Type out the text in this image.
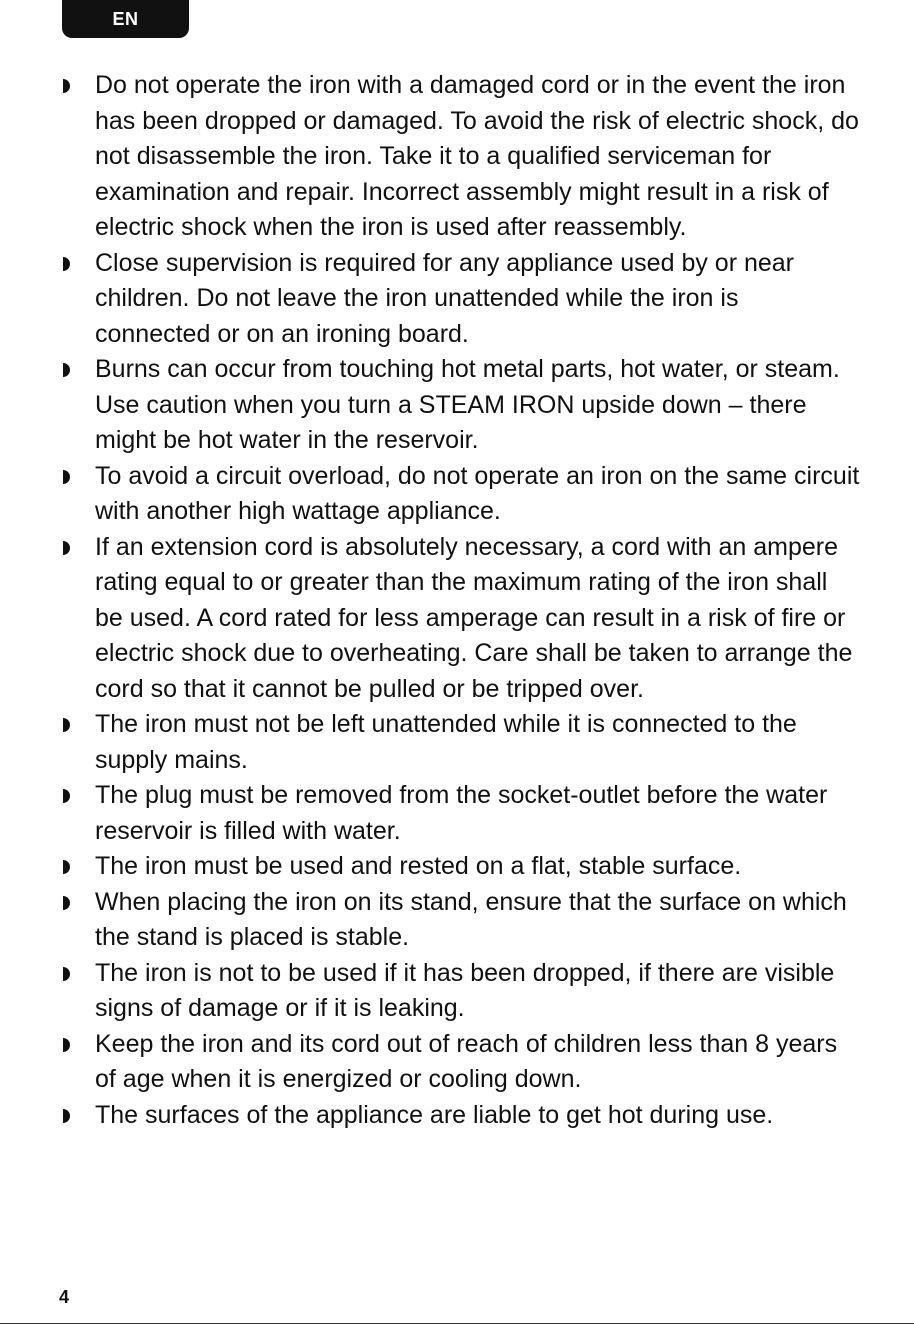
EN
Do not operate the iron with a damaged cord or in the event the iron has been dropped or damaged. To avoid the risk of electric shock, do not disassemble the iron. Take it to a qualified serviceman for examination and repair. Incorrect assembly might result in a risk of electric shock when the iron is used after reassembly.
Close supervision is required for any appliance used by or near children. Do not leave the iron unattended while the iron is connected or on an ironing board.
Burns can occur from touching hot metal parts, hot water, or steam. Use caution when you turn a STEAM IRON upside down – there might be hot water in the reservoir.
To avoid a circuit overload, do not operate an iron on the same circuit with another high wattage appliance.
If an extension cord is absolutely necessary, a cord with an ampere rating equal to or greater than the maximum rating of the iron shall be used. A cord rated for less amperage can result in a risk of fire or electric shock due to overheating. Care shall be taken to arrange the cord so that it cannot be pulled or be tripped over.
The iron must not be left unattended while it is connected to the supply mains.
The plug must be removed from the socket-outlet before the water reservoir is filled with water.
The iron must be used and rested on a flat, stable surface.
When placing the iron on its stand, ensure that the surface on which the stand is placed is stable.
The iron is not to be used if it has been dropped, if there are visible signs of damage or if it is leaking.
Keep the iron and its cord out of reach of children less than 8 years of age when it is energized or cooling down.
The surfaces of the appliance are liable to get hot during use.
4
